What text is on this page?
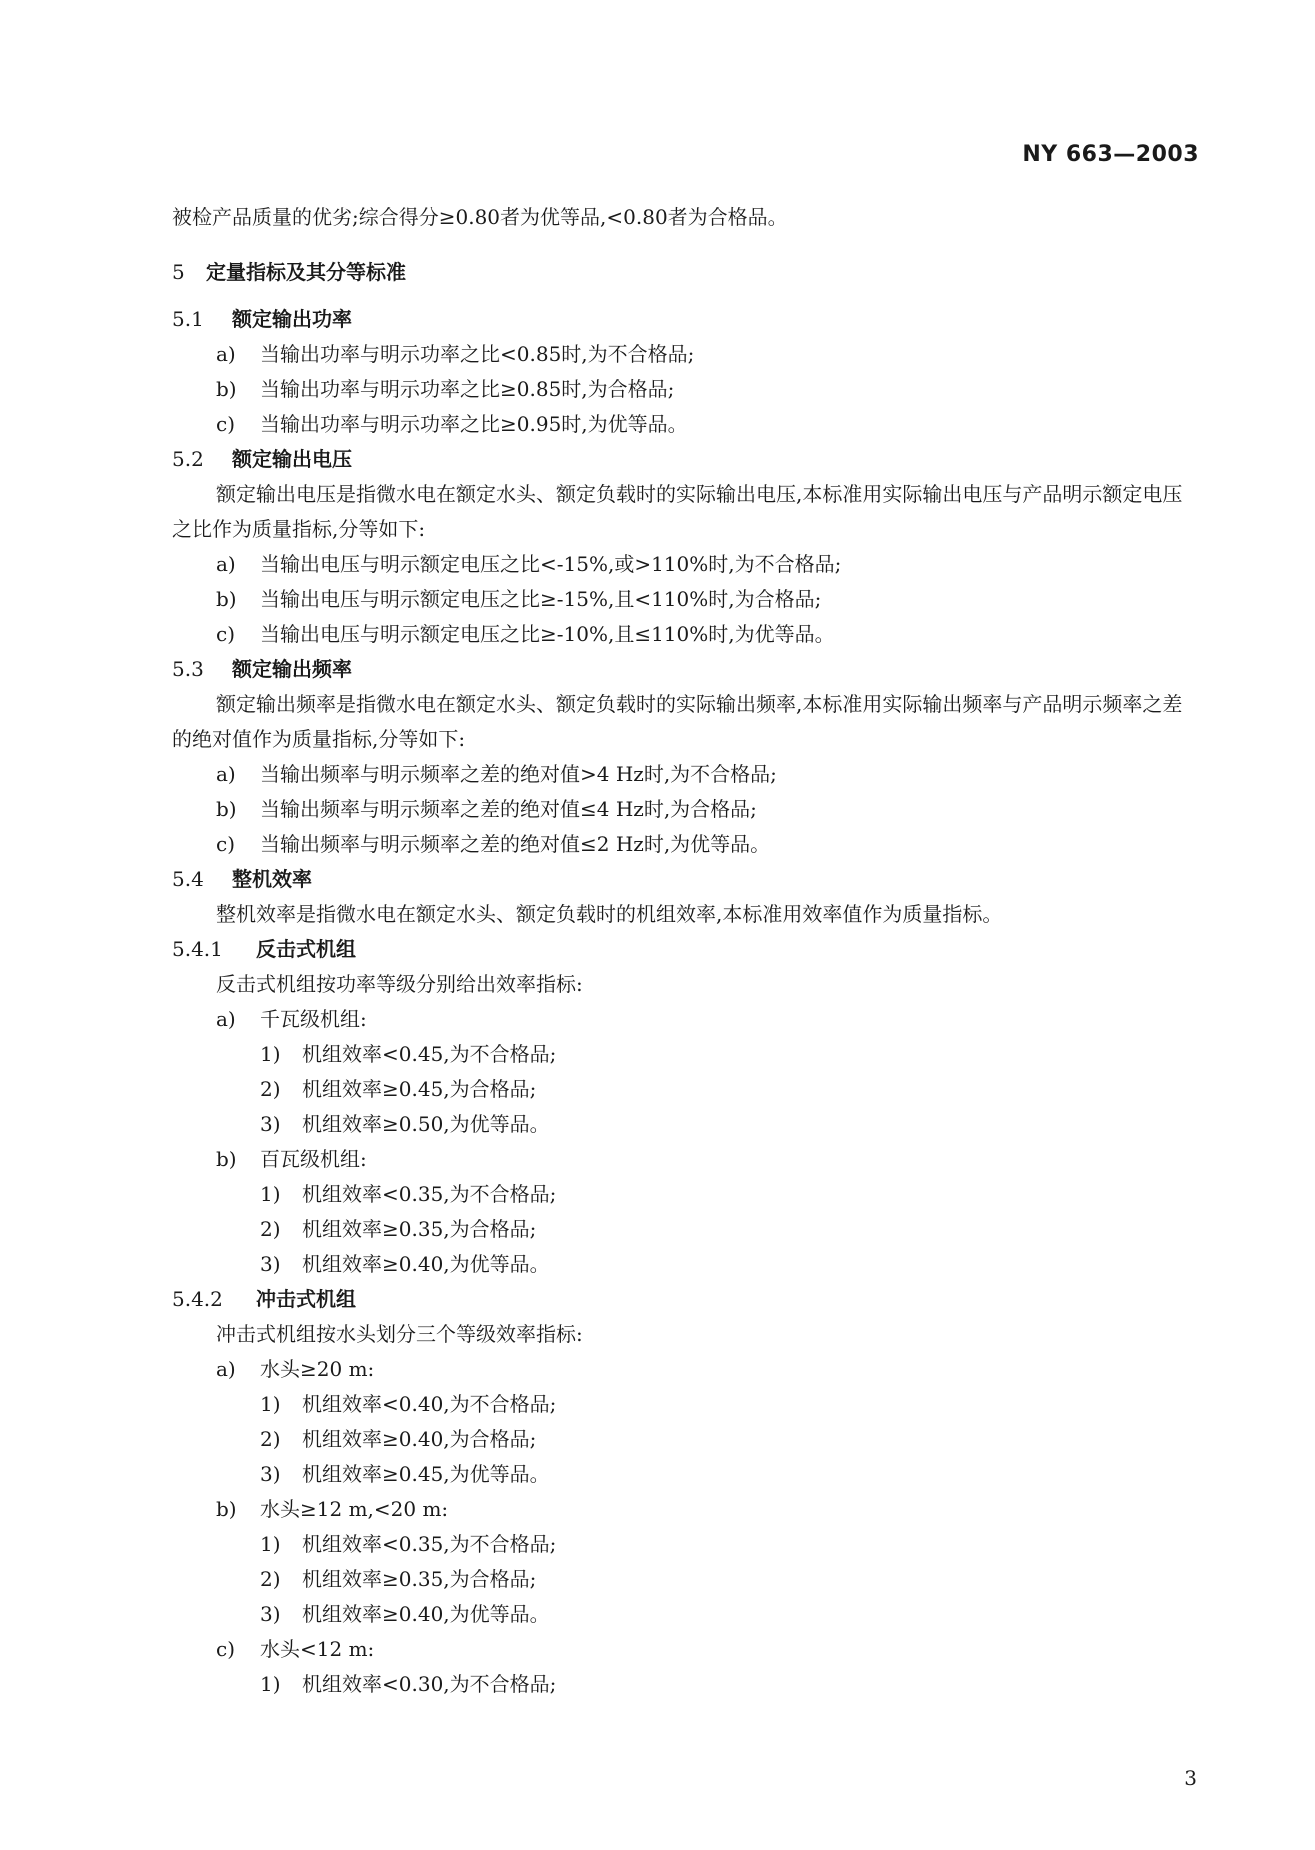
NY 663—2003
被检产品质量的优劣;综合得分≥0.80者为优等品,<0.80者为合格品。
5 定量指标及其分等标准
5.1 额定输出功率
a) 当输出功率与明示功率之比<0.85时,为不合格品;
b) 当输出功率与明示功率之比≥0.85时,为合格品;
c) 当输出功率与明示功率之比≥0.95时,为优等品。
5.2 额定输出电压
额定输出电压是指微水电在额定水头、额定负载时的实际输出电压,本标准用实际输出电压与产品明示额定电压之比作为质量指标,分等如下:
a) 当输出电压与明示额定电压之比<-15%,或>110%时,为不合格品;
b) 当输出电压与明示额定电压之比≥-15%,且<110%时,为合格品;
c) 当输出电压与明示额定电压之比≥-10%,且≤110%时,为优等品。
5.3 额定输出频率
额定输出频率是指微水电在额定水头、额定负载时的实际输出频率,本标准用实际输出频率与产品明示频率之差的绝对值作为质量指标,分等如下:
a) 当输出频率与明示频率之差的绝对值>4 Hz时,为不合格品;
b) 当输出频率与明示频率之差的绝对值≤4 Hz时,为合格品;
c) 当输出频率与明示频率之差的绝对值≤2 Hz时,为优等品。
5.4 整机效率
整机效率是指微水电在额定水头、额定负载时的机组效率,本标准用效率值作为质量指标。
5.4.1 反击式机组
反击式机组按功率等级分别给出效率指标:
a) 千瓦级机组:
1) 机组效率<0.45,为不合格品;
2) 机组效率≥0.45,为合格品;
3) 机组效率≥0.50,为优等品。
b) 百瓦级机组:
1) 机组效率<0.35,为不合格品;
2) 机组效率≥0.35,为合格品;
3) 机组效率≥0.40,为优等品。
5.4.2 冲击式机组
冲击式机组按水头划分三个等级效率指标:
a) 水头≥20 m:
1) 机组效率<0.40,为不合格品;
2) 机组效率≥0.40,为合格品;
3) 机组效率≥0.45,为优等品。
b) 水头≥12 m,<20 m:
1) 机组效率<0.35,为不合格品;
2) 机组效率≥0.35,为合格品;
3) 机组效率≥0.40,为优等品。
c) 水头<12 m:
1) 机组效率<0.30,为不合格品;
3
